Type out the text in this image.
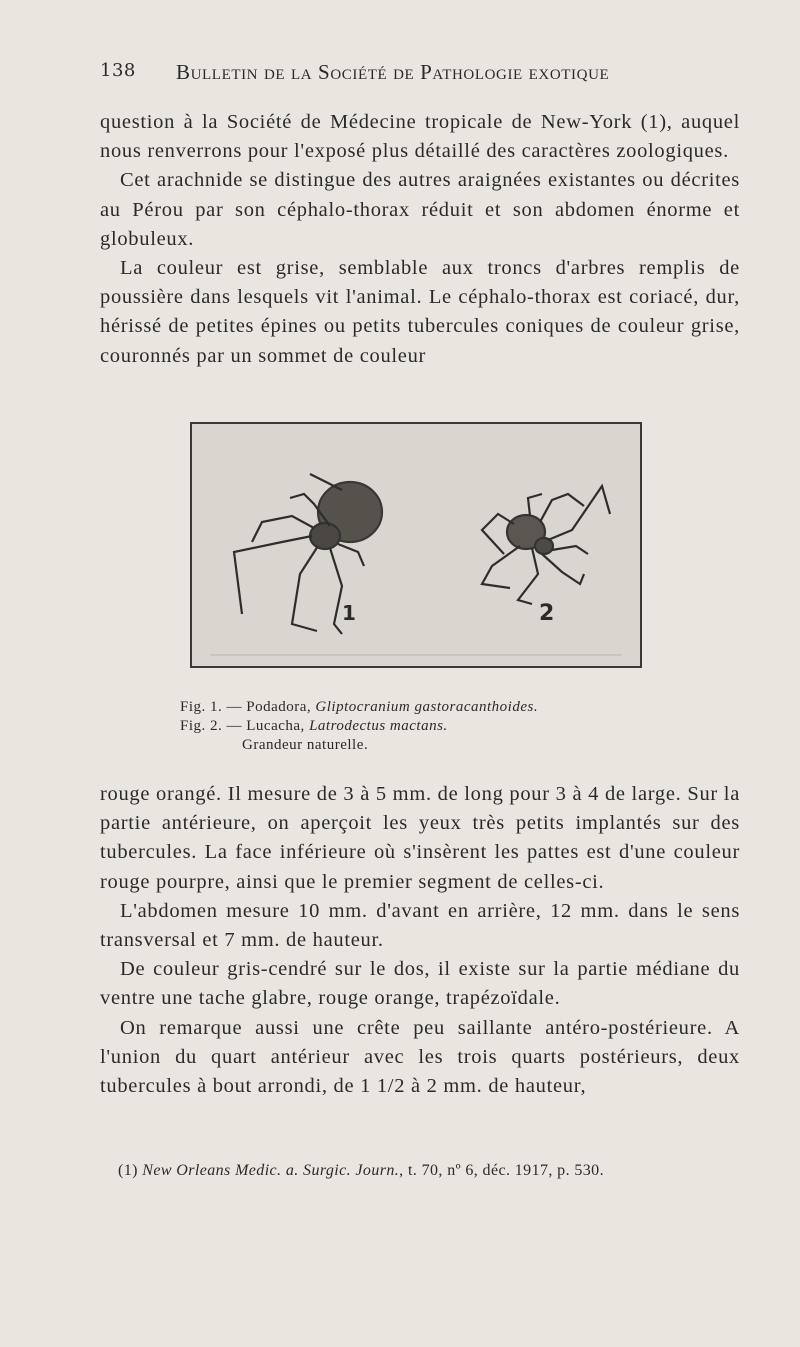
138 Bulletin de la Société de Pathologie exotique

question à la Société de Médecine tropicale de New-York (1), auquel nous renverrons pour l'exposé plus détaillé des caractères zoologiques.

Cet arachnide se distingue des autres araignées existantes ou décrites au Pérou par son céphalo-thorax réduit et son abdomen énorme et globuleux.

La couleur est grise, semblable aux troncs d'arbres remplis de poussière dans lesquels vit l'animal. Le céphalo-thorax est coriacé, dur, hérissé de petites épines ou petits tubercules coniques de couleur grise, couronnés par un sommet de couleur

1	2
Fig. 1. — Podadora, Gliptocranium gastoracanthoides.
Fig. 2. — Lucacha, Latrodectus mactans.
Grandeur naturelle.

rouge orangé. Il mesure de 3 à 5 mm. de long pour 3 à 4 de large. Sur la partie antérieure, on aperçoit les yeux très petits implantés sur des tubercules. La face inférieure où s'insèrent les pattes est d'une couleur rouge pourpre, ainsi que le premier segment de celles-ci.

L'abdomen mesure 10 mm. d'avant en arrière, 12 mm. dans le sens transversal et 7 mm. de hauteur.

De couleur gris-cendré sur le dos, il existe sur la partie médiane du ventre une tache glabre, rouge orange, trapézoïdale.

On remarque aussi une crête peu saillante antéro-postérieure. A l'union du quart antérieur avec les trois quarts postérieurs, deux tubercules à bout arrondi, de 1 1/2 à 2 mm. de hauteur,

(1) New Orleans Medic. a. Surgic. Journ., t. 70, nº 6, déc. 1917, p. 530.
